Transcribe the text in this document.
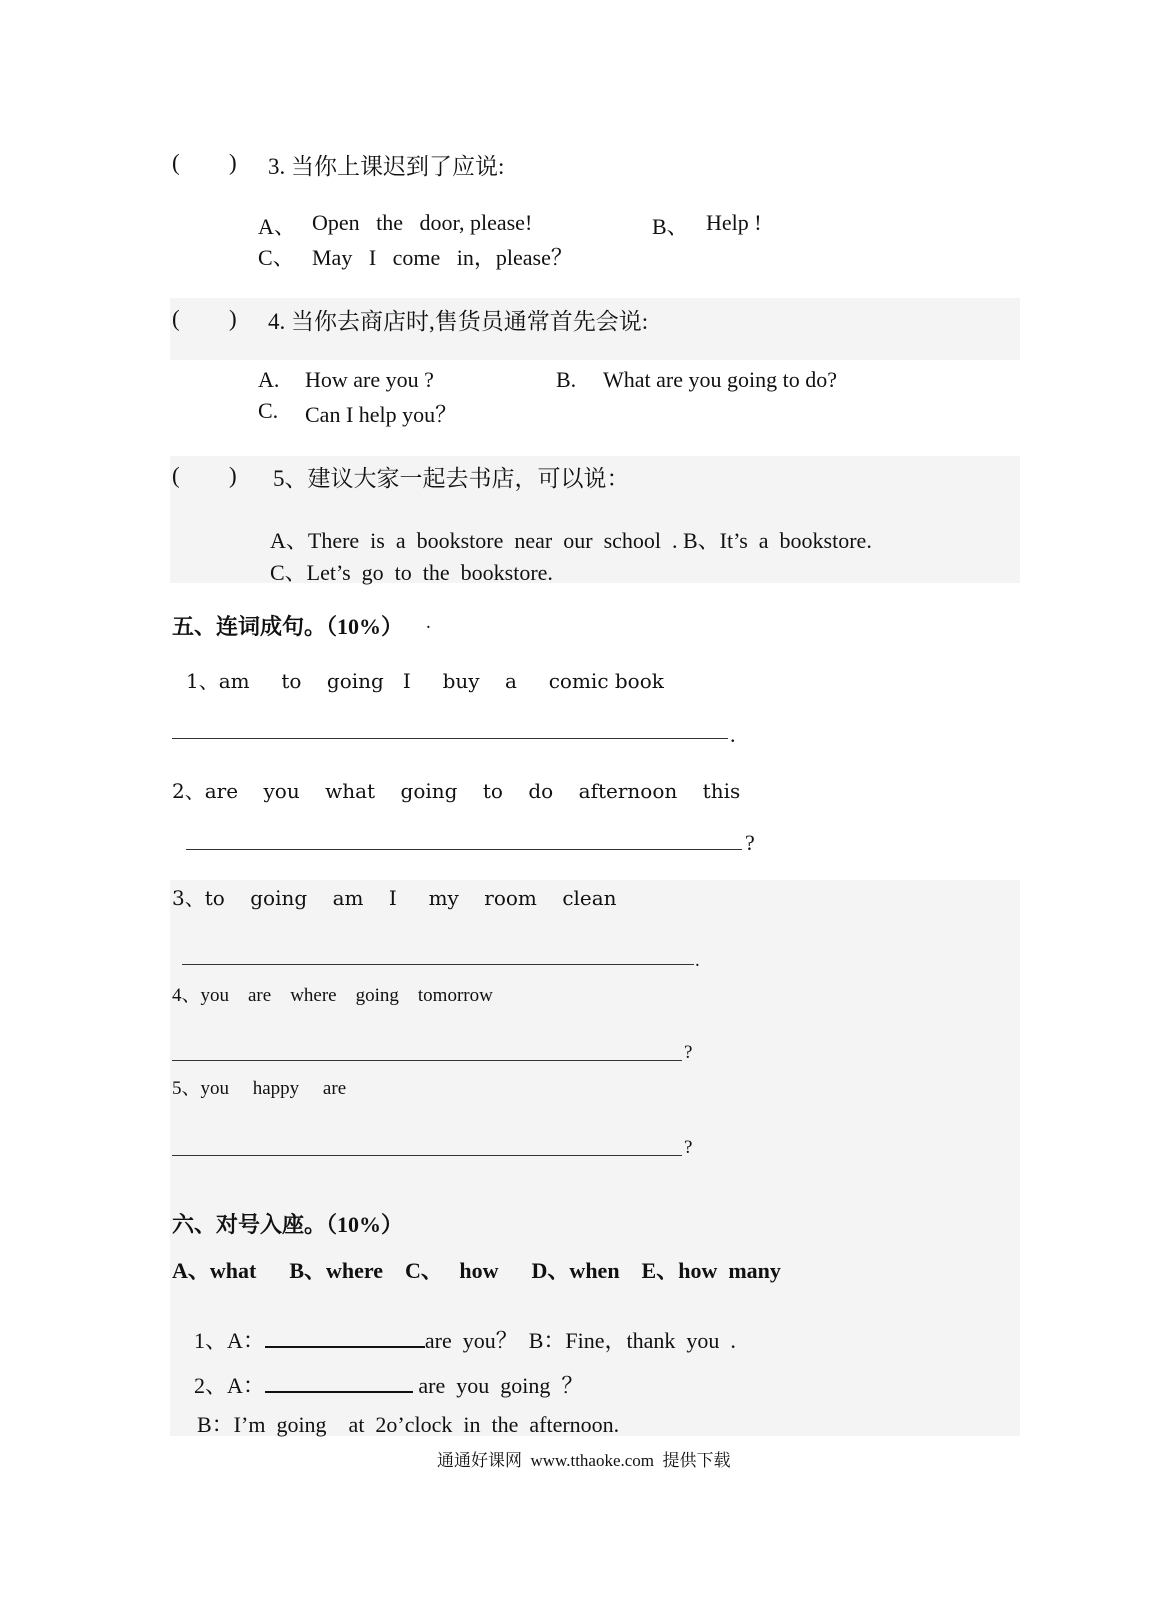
( ) 3. 当你上课迟到了应说:
A、 Open   the   door, please!	B、 Help !
C、 May   I   come   in，please？
( ) 4. 当你去商店时,售货员通常首先会说:
A. How are you ?	B. What are you going to do?
C. Can I help you？
( ) 5、建议大家一起去书店，可以说：
A、There  is  a  bookstore  near  our  school  . B、It’s  a  bookstore.
C、Let’s  go  to  the  bookstore.
五、连词成句。（10%） .
1、am     to    going   I     buy    a     comic book
.
2、are    you    what    going    to    do    afternoon    this
?
3、to    going    am    I     my    room    clean
.
4、you    are    where    going    tomorrow
?
5、you     happy     are
?
六、对号入座。（10%）
A、what      B、where    C、   how      D、when    E、how  many

1、A：	are  you？  B：Fine，thank  you  .

2、A：	are  you  going  ？

B：I’m  going    at  2o’clock  in  the  afternoon.
通通好课网  www.tthaoke.com  提供下载
